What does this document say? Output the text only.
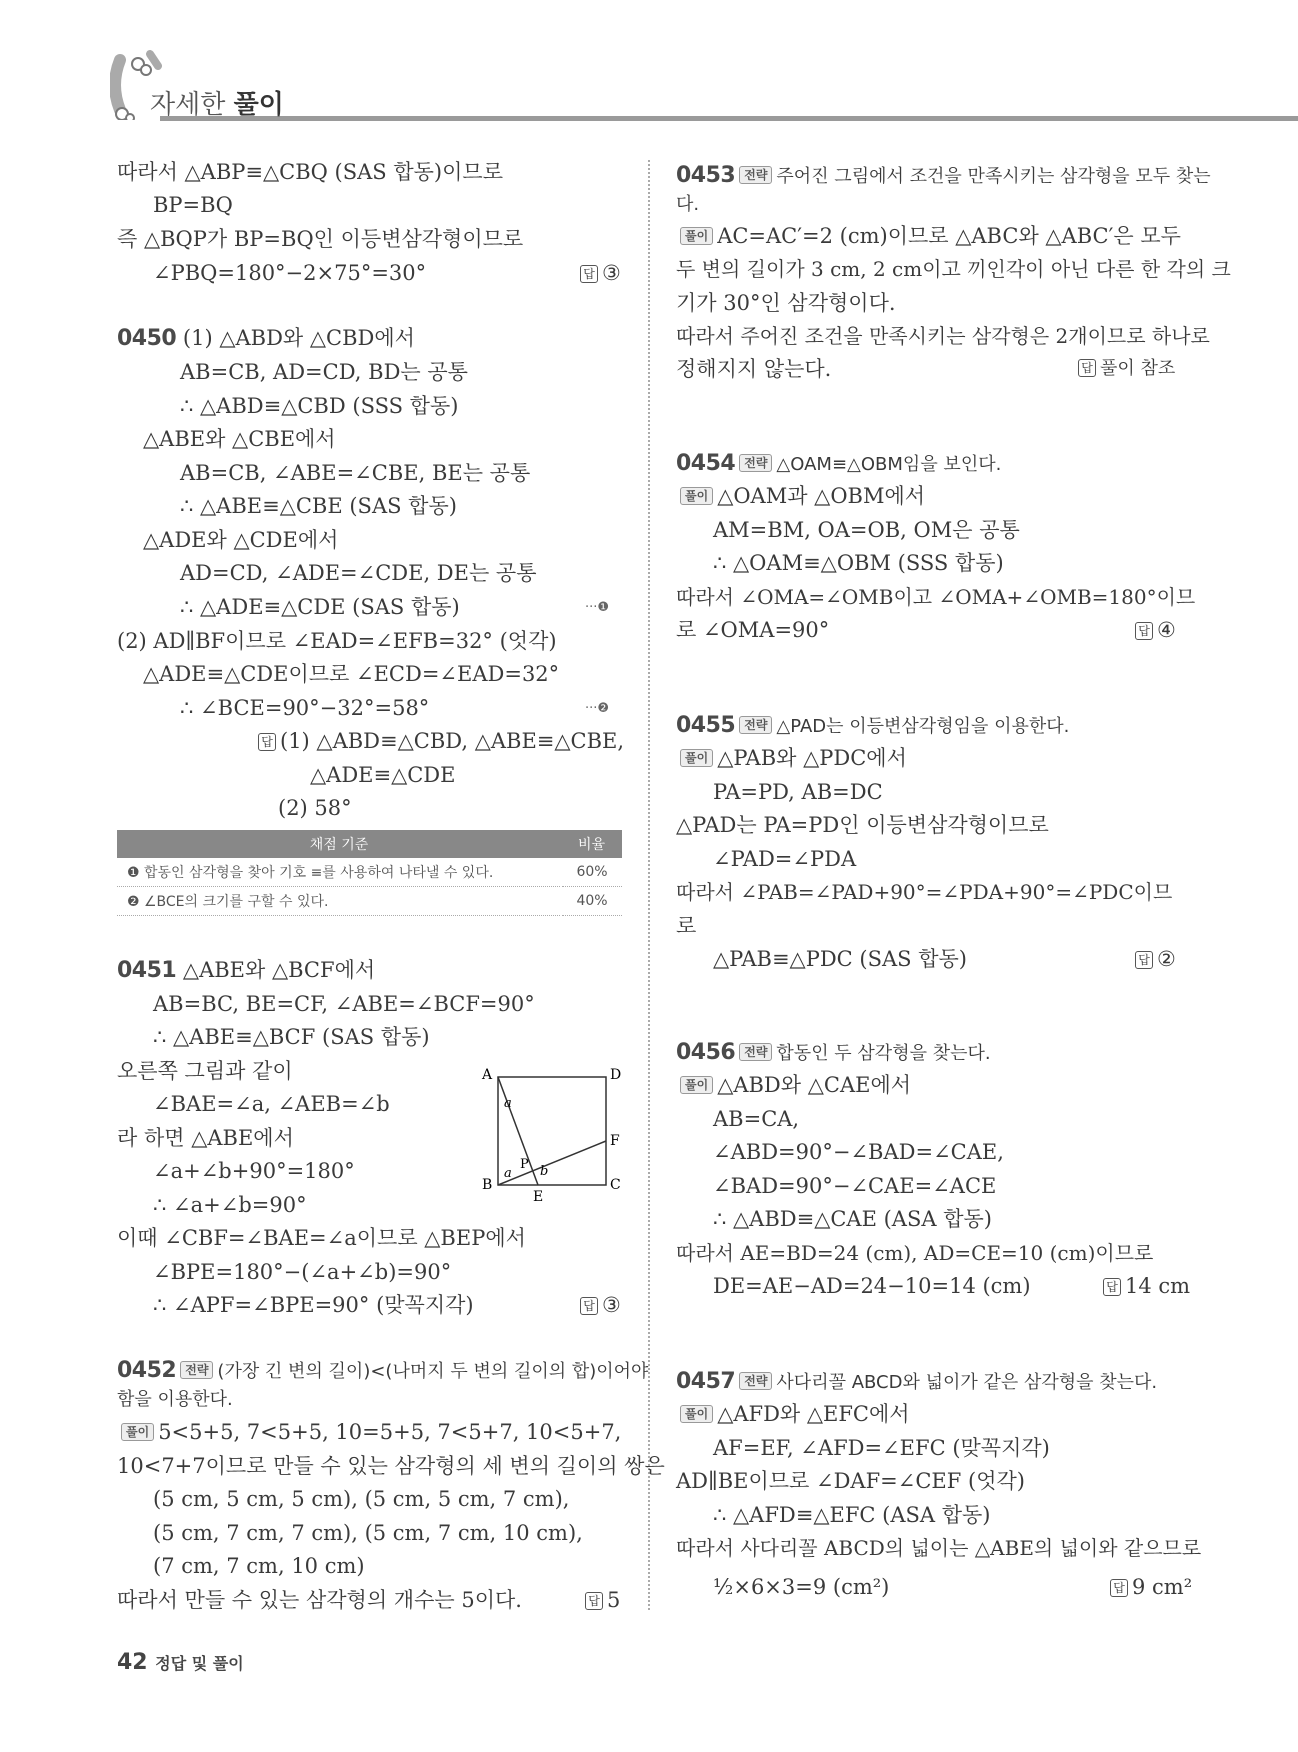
자세한 풀이
따라서 △ABP≡△CBQ (SAS 합동)이므로
BP=BQ
즉 △BQP가 BP=BQ인 이등변삼각형이므로
∠PBQ=180°−2×75°=30°	답 ③
0450 (1) △ABD와 △CBD에서
AB=CB, AD=CD, BD는 공통
∴ △ABD≡△CBD (SSS 합동)
△ABE와 △CBE에서
AB=CB, ∠ABE=∠CBE, BE는 공통
∴ △ABE≡△CBE (SAS 합동)
△ADE와 △CDE에서
AD=CD, ∠ADE=∠CDE, DE는 공통
∴ △ADE≡△CDE (SAS 합동)	···❶
(2) AD∥BF이므로 ∠EAD=∠EFB=32° (엇각)
△ADE≡△CDE이므로 ∠ECD=∠EAD=32°
∴ ∠BCE=90°−32°=58°	···❷
답 (1) △ABD≡△CBD, △ABE≡△CBE,
△ADE≡△CDE
(2) 58°
채점 기준	비율
❶ 합동인 삼각형을 찾아 기호 ≡를 사용하여 나타낼 수 있다.	60%
❷ ∠BCE의 크기를 구할 수 있다.	40%
0451 △ABE와 △BCF에서
AB=BC, BE=CF, ∠ABE=∠BCF=90°
∴ △ABE≡△BCF (SAS 합동)
오른쪽 그림과 같이
∠BAE=∠a, ∠AEB=∠b
라 하면 △ABE에서
∠a+∠b+90°=180°
∴ ∠a+∠b=90°
이때 ∠CBF=∠BAE=∠a이므로 △BEP에서
∠BPE=180°−(∠a+∠b)=90°
∴ ∠APF=∠BPE=90° (맞꼭지각)	답 ③
A	D
B	C
E
F
P
a
a b
0452 전략 (가장 긴 변의 길이)<(나머지 두 변의 길이의 합)이어야
함을 이용한다.
풀이 5<5+5, 7<5+5, 10=5+5, 7<5+7, 10<5+7,
10<7+7이므로 만들 수 있는 삼각형의 세 변의 길이의 쌍은
(5 cm, 5 cm, 5 cm), (5 cm, 5 cm, 7 cm),
(5 cm, 7 cm, 7 cm), (5 cm, 7 cm, 10 cm),
(7 cm, 7 cm, 10 cm)
따라서 만들 수 있는 삼각형의 개수는 5이다.	답 5
0453 전략 주어진 그림에서 조건을 만족시키는 삼각형을 모두 찾는
다.
풀이 AC=AC′=2 (cm)이므로 △ABC와 △ABC′은 모두
두 변의 길이가 3 cm, 2 cm이고 끼인각이 아닌 다른 한 각의 크
기가 30°인 삼각형이다.
따라서 주어진 조건을 만족시키는 삼각형은 2개이므로 하나로
정해지지 않는다.	답 풀이 참조
0454 전략 △OAM≡△OBM임을 보인다.
풀이 △OAM과 △OBM에서
AM=BM, OA=OB, OM은 공통
∴ △OAM≡△OBM (SSS 합동)
따라서 ∠OMA=∠OMB이고 ∠OMA+∠OMB=180°이므
로 ∠OMA=90°	답 ④
0455 전략 △PAD는 이등변삼각형임을 이용한다.
풀이 △PAB와 △PDC에서
PA=PD, AB=DC
△PAD는 PA=PD인 이등변삼각형이므로
∠PAD=∠PDA
따라서 ∠PAB=∠PAD+90°=∠PDA+90°=∠PDC이므
로
△PAB≡△PDC (SAS 합동)	답 ②
0456 전략 합동인 두 삼각형을 찾는다.
풀이 △ABD와 △CAE에서
AB=CA,
∠ABD=90°−∠BAD=∠CAE,
∠BAD=90°−∠CAE=∠ACE
∴ △ABD≡△CAE (ASA 합동)
따라서 AE=BD=24 (cm), AD=CE=10 (cm)이므로
DE=AE−AD=24−10=14 (cm)	답 14 cm
0457 전략 사다리꼴 ABCD와 넓이가 같은 삼각형을 찾는다.
풀이 △AFD와 △EFC에서
AF=EF, ∠AFD=∠EFC (맞꼭지각)
AD∥BE이므로 ∠DAF=∠CEF (엇각)
∴ △AFD≡△EFC (ASA 합동)
따라서 사다리꼴 ABCD의 넓이는 △ABE의 넓이와 같으므로
½×6×3=9 (cm²)	답 9 cm²
42 정답 및 풀이
